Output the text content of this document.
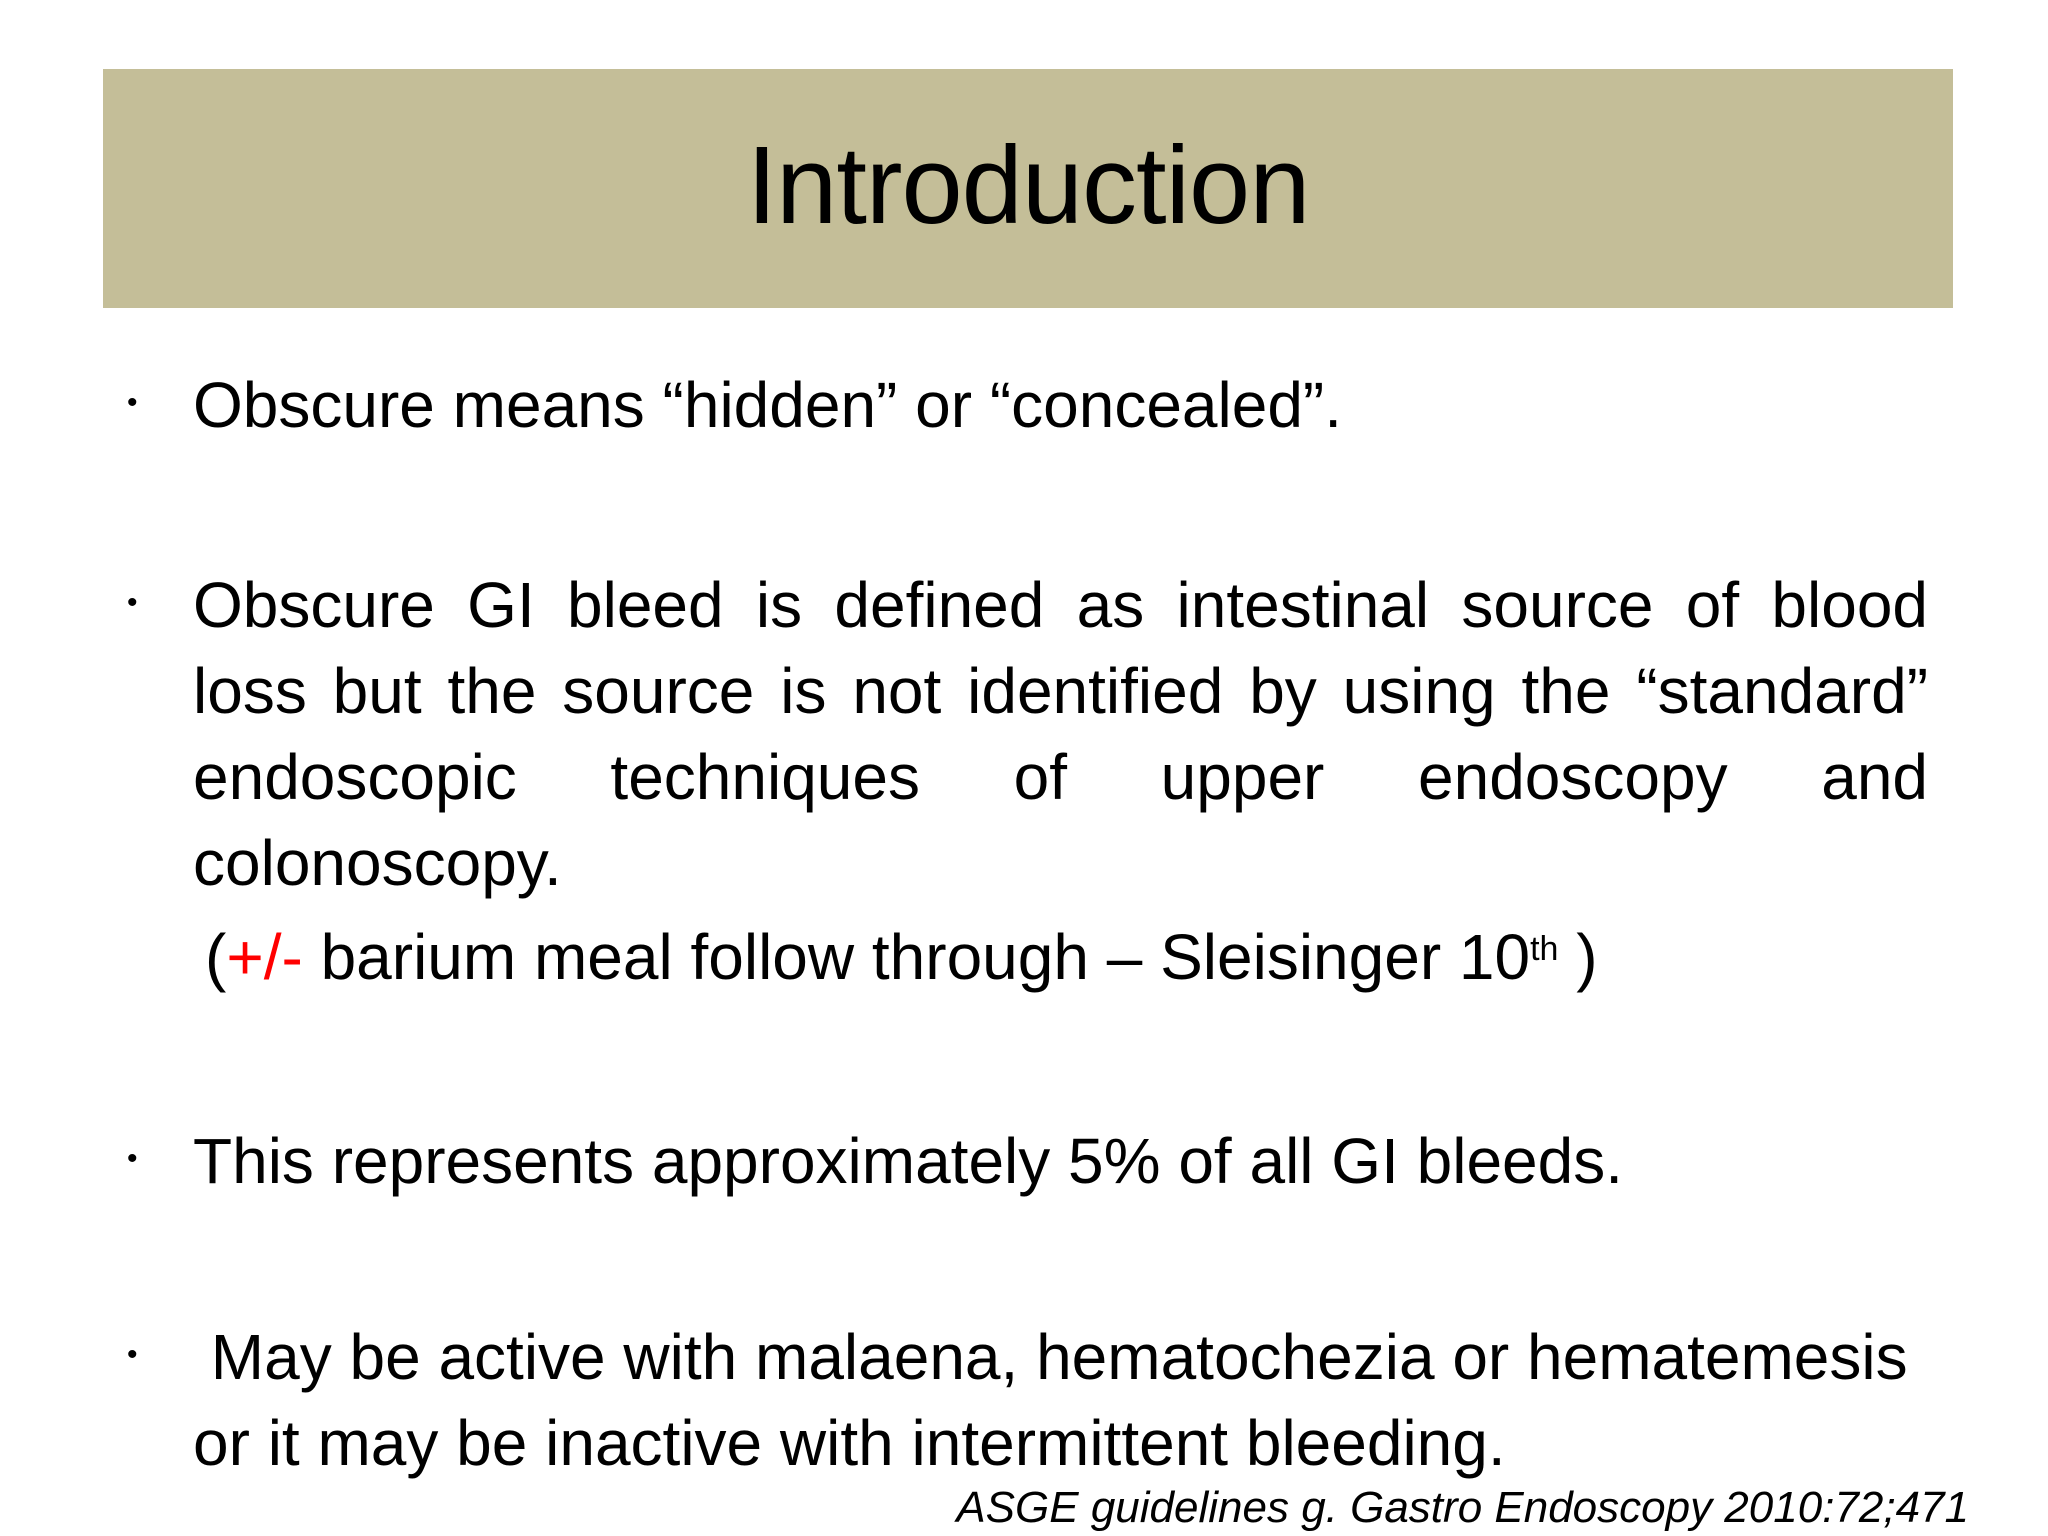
Introduction
• Obscure means “hidden” or “concealed”.
• Obscure GI bleed is defined as intestinal source of blood
loss but the source is not identified by using the “standard”
endoscopic techniques of upper endoscopy and
colonoscopy.
(+/- barium meal follow through – Sleisinger 10th )
• This represents approximately 5% of all GI bleeds.
• May be active with malaena, hematochezia or hematemesis
or it may be inactive with intermittent bleeding.
ASGE guidelines g. Gastro Endoscopy 2010:72;471
